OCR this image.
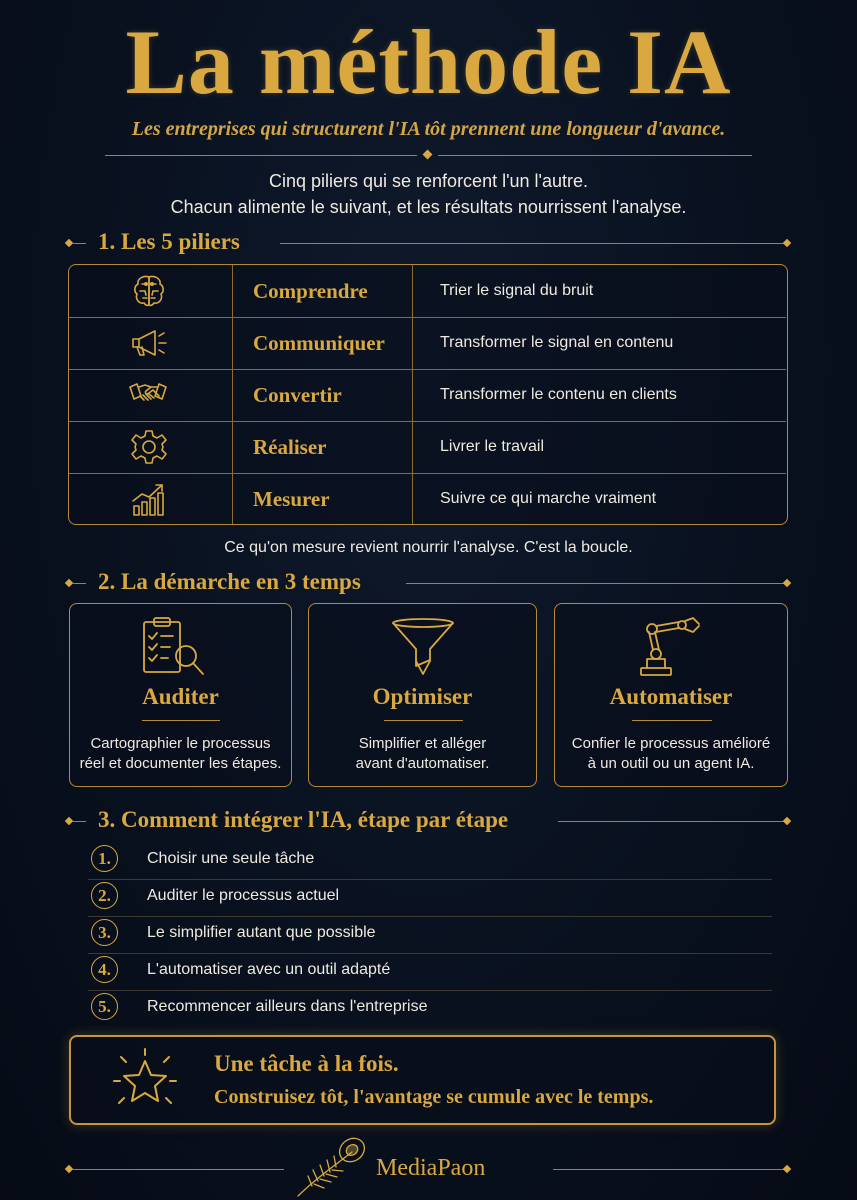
La méthode IA
Les entreprises qui structurent l'IA tôt prennent une longueur d'avance.
Cinq piliers qui se renforcent l'un l'autre.
Chacun alimente le suivant, et les résultats nourrissent l'analyse.
1. Les 5 piliers
Comprendre	Trier le signal du bruit
Communiquer	Transformer le signal en contenu
Convertir	Transformer le contenu en clients
Réaliser	Livrer le travail
Mesurer	Suivre ce qui marche vraiment
Ce qu'on mesure revient nourrir l'analyse. C'est la boucle.
2. La démarche en 3 temps
Auditer
Cartographier le processus
réel et documenter les étapes.
Optimiser
Simplifier et alléger
avant d'automatiser.
Automatiser
Confier le processus amélioré
à un outil ou un agent IA.
3. Comment intégrer l'IA, étape par étape
1.	Choisir une seule tâche
2.	Auditer le processus actuel
3.	Le simplifier autant que possible
4.	L'automatiser avec un outil adapté
5.	Recommencer ailleurs dans l'entreprise
Une tâche à la fois.
Construisez tôt, l'avantage se cumule avec le temps.
MediaPaon
